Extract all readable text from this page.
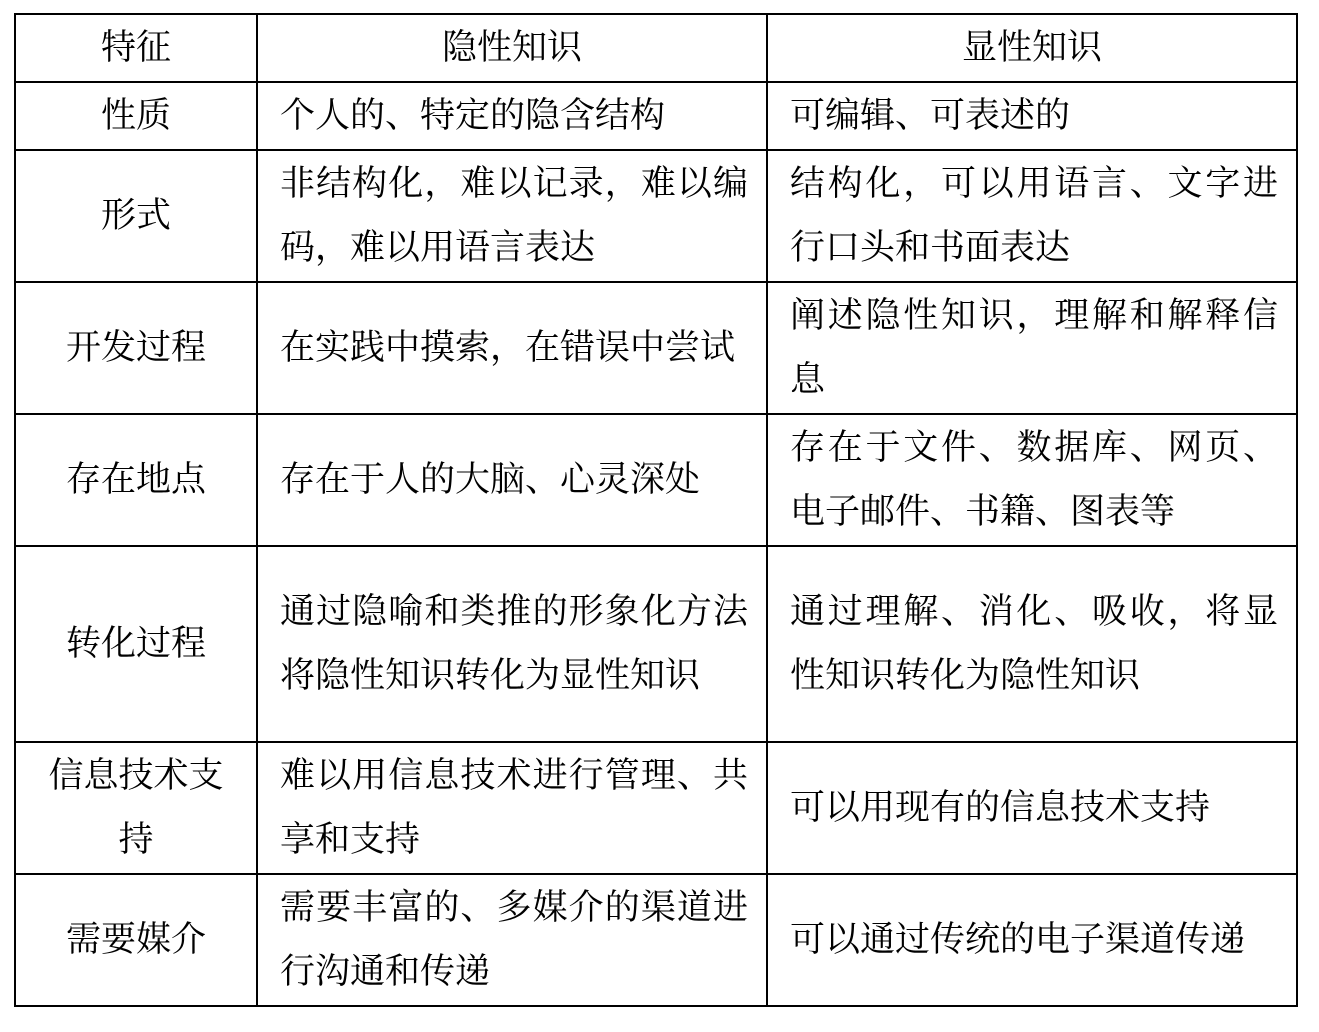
特征	隐性知识	显性知识
性质	个人的、特定的隐含结构	可编辑、可表述的
形式	非结构化，难以记录，难以编码，难以用语言表达	结构化，可以用语言、文字进行口头和书面表达
开发过程	在实践中摸索，在错误中尝试	阐述隐性知识，理解和解释信息
存在地点	存在于人的大脑、心灵深处	存在于文件、数据库、网页、电子邮件、书籍、图表等
转化过程	通过隐喻和类推的形象化方法将隐性知识转化为显性知识	通过理解、消化、吸收，将显性知识转化为隐性知识
信息技术支持	难以用信息技术进行管理、共享和支持	可以用现有的信息技术支持
需要媒介	需要丰富的、多媒介的渠道进行沟通和传递	可以通过传统的电子渠道传递
